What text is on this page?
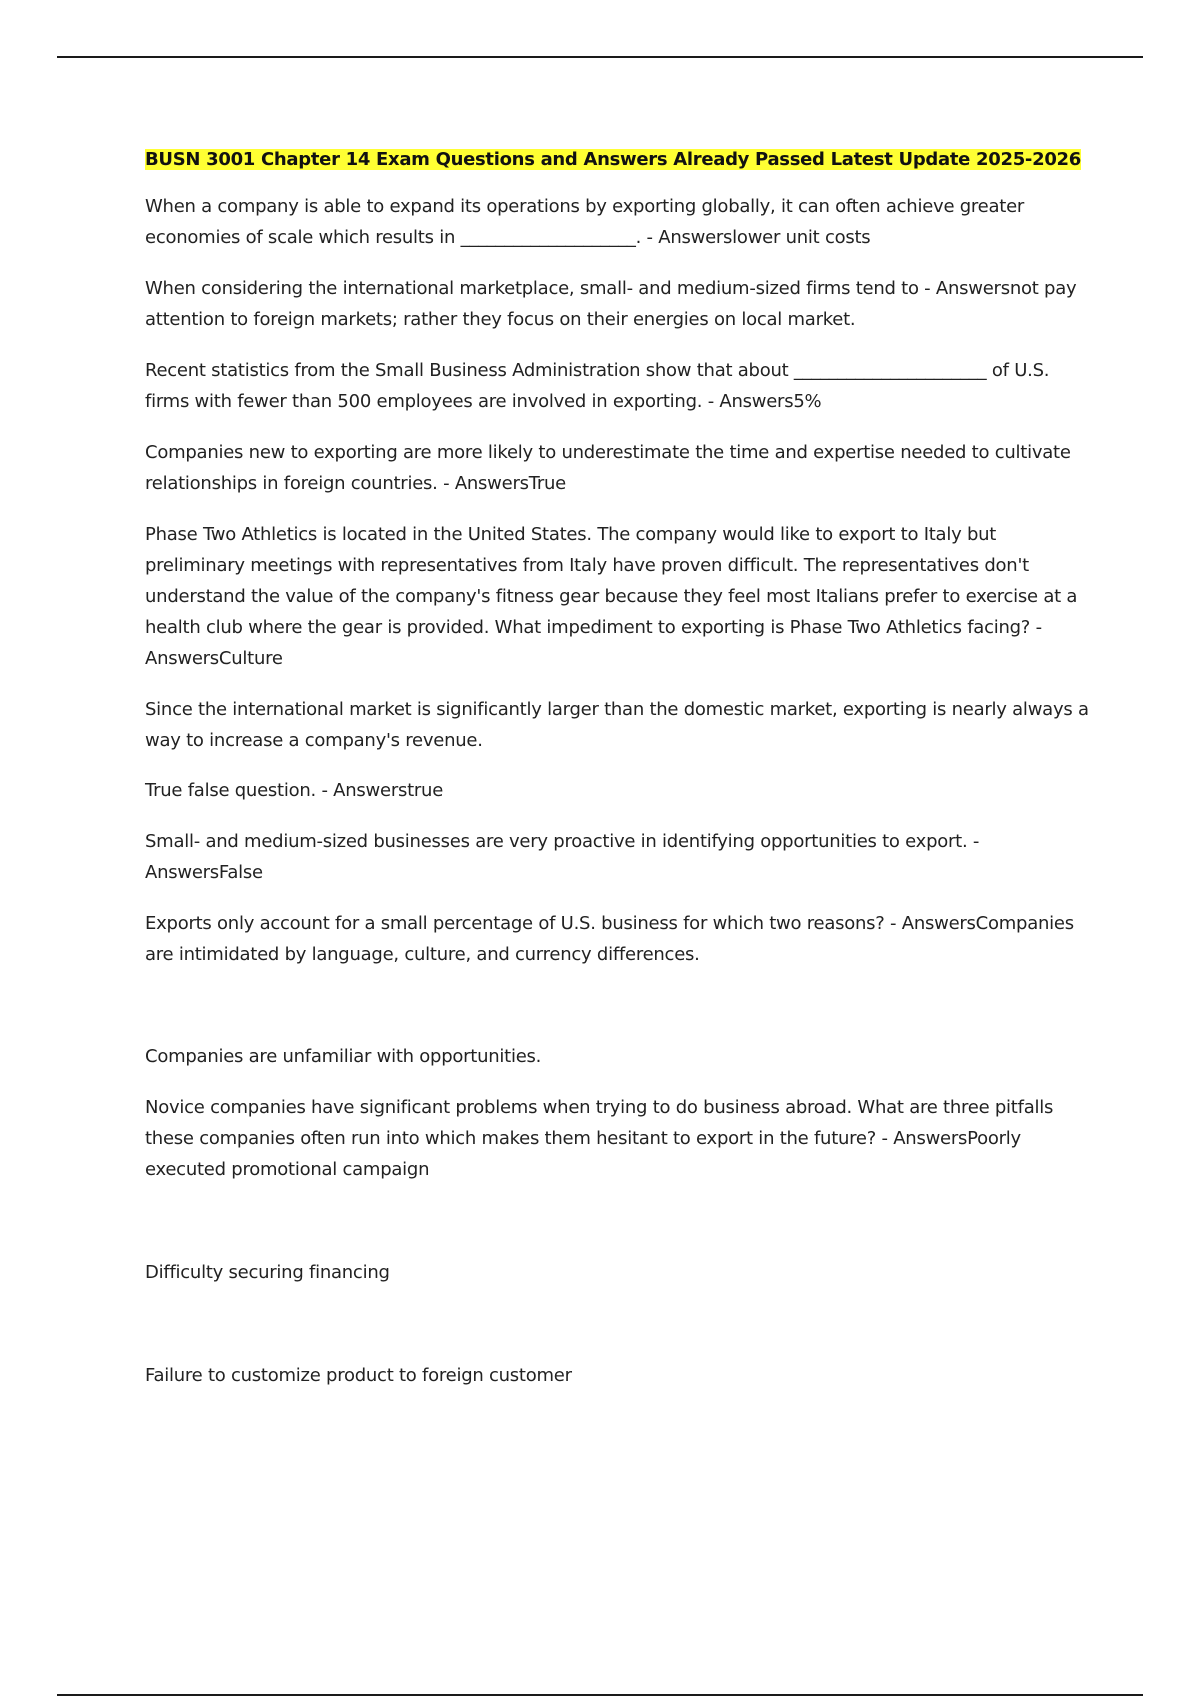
BUSN 3001 Chapter 14 Exam Questions and Answers Already Passed Latest Update 2025-2026

When a company is able to expand its operations by exporting globally, it can often achieve greater economies of scale which results in ____________________. - Answerslower unit costs

When considering the international marketplace, small- and medium-sized firms tend to - Answersnot pay attention to foreign markets; rather they focus on their energies on local market.

Recent statistics from the Small Business Administration show that about ______________________ of U.S. firms with fewer than 500 employees are involved in exporting. - Answers5%

Companies new to exporting are more likely to underestimate the time and expertise needed to cultivate relationships in foreign countries. - AnswersTrue

Phase Two Athletics is located in the United States. The company would like to export to Italy but preliminary meetings with representatives from Italy have proven difficult. The representatives don't understand the value of the company's fitness gear because they feel most Italians prefer to exercise at a health club where the gear is provided. What impediment to exporting is Phase Two Athletics facing? - AnswersCulture

Since the international market is significantly larger than the domestic market, exporting is nearly always a way to increase a company's revenue.

True false question. - Answerstrue

Small- and medium-sized businesses are very proactive in identifying opportunities to export. - AnswersFalse

Exports only account for a small percentage of U.S. business for which two reasons? - AnswersCompanies are intimidated by language, culture, and currency differences.

Companies are unfamiliar with opportunities.

Novice companies have significant problems when trying to do business abroad. What are three pitfalls these companies often run into which makes them hesitant to export in the future? - AnswersPoorly executed promotional campaign

Difficulty securing financing

Failure to customize product to foreign customer
